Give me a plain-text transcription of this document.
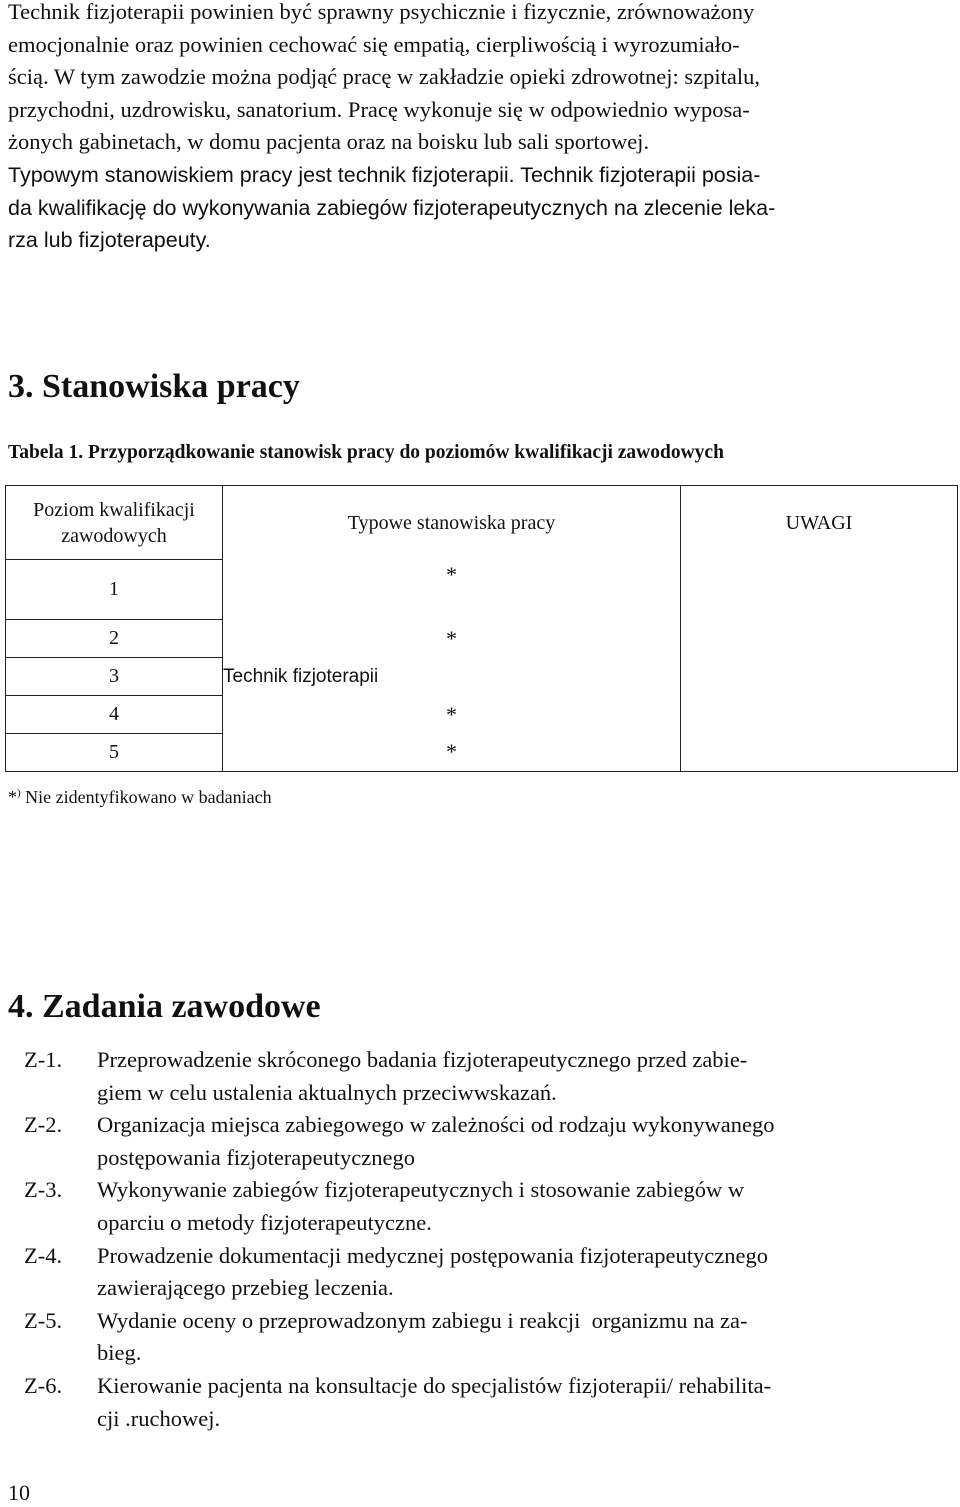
Technik fizjoterapii powinien być sprawny psychicznie i fizycznie, zrównoważony
emocjonalnie oraz powinien cechować się empatią, cierpliwością i wyrozumiało-
ścią. W tym zawodzie można podjąć pracę w zakładzie opieki zdrowotnej: szpitalu,
przychodni, uzdrowisku, sanatorium. Pracę wykonuje się w odpowiednio wyposa-
żonych gabinetach, w domu pacjenta oraz na boisku lub sali sportowej.
Typowym stanowiskiem pracy jest technik fizjoterapii. Technik fizjoterapii posia-
da kwalifikację do wykonywania zabiegów fizjoterapeutycznych na zlecenie leka-
rza lub fizjoterapeuty.
3. Stanowiska pracy
Tabela 1. Przyporządkowanie stanowisk pracy do poziomów kwalifikacji zawodowych
Poziom kwalifikacji zawodowych	Typowe stanowiska pracy	UWAGI
1	*	
2	*	
3	Technik fizjoterapii	
4	*	
5	*	
*) Nie zidentyfikowano w badaniach
4. Zadania zawodowe
Z-1.	Przeprowadzenie skróconego badania fizjoterapeutycznego przed zabie-
giem w celu ustalenia aktualnych przeciwwskazań.
Z-2.	Organizacja miejsca zabiegowego w zależności od rodzaju wykonywanego
postępowania fizjoterapeutycznego
Z-3.	Wykonywanie zabiegów fizjoterapeutycznych i stosowanie zabiegów w
oparciu o metody fizjoterapeutyczne.
Z-4.	Prowadzenie dokumentacji medycznej postępowania fizjoterapeutycznego
zawierającego przebieg leczenia.
Z-5.	Wydanie oceny o przeprowadzonym zabiegu i reakcji  organizmu na za-
bieg.
Z-6.	Kierowanie pacjenta na konsultacje do specjalistów fizjoterapii/ rehabilita-
cji .ruchowej.
10
